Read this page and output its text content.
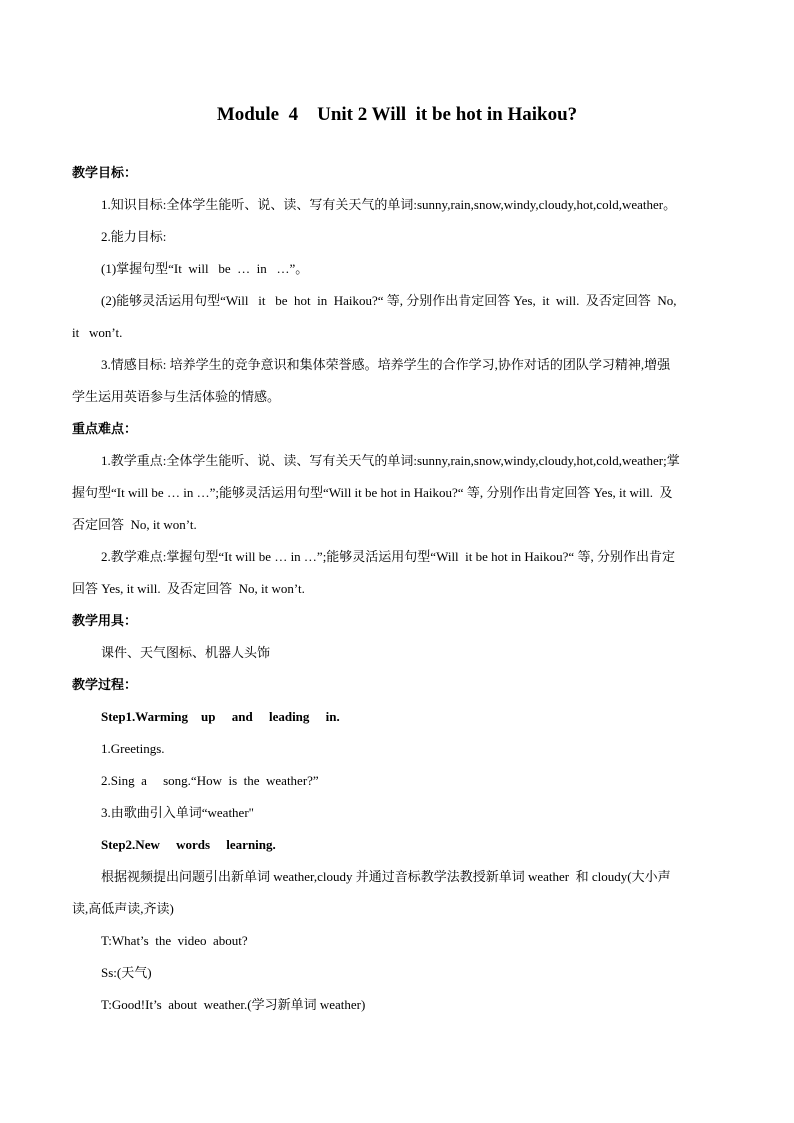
Module  4    Unit 2 Will  it be hot in Haikou?
教学目标：
1.知识目标:全体学生能听、说、读、写有关天气的单词:sunny,rain,snow,windy,cloudy,hot,cold,weather。
2.能力目标:
(1)掌握句型“It  will   be  …  in   …”。
(2)能够灵活运用句型“Will   it   be  hot  in  Haikou?“ 等, 分别作出肯定回答 Yes,  it  will.  及否定回答  No,
it   won’t.
3.情感目标: 培养学生的竞争意识和集体荣誉感。培养学生的合作学习,协作对话的团队学习精神,增强
学生运用英语参与生活体验的情感。
重点难点：
1.教学重点:全体学生能听、说、读、写有关天气的单词:sunny,rain,snow,windy,cloudy,hot,cold,weather;掌
握句型“It will be … in …”;能够灵活运用句型“Will it be hot in Haikou?“ 等, 分别作出肯定回答 Yes, it will.  及
否定回答  No, it won’t.
2.教学难点:掌握句型“It will be … in …”;能够灵活运用句型“Will  it be hot in Haikou?“ 等, 分别作出肯定
回答 Yes, it will.  及否定回答  No, it won’t.
教学用具：
课件、天气图标、机器人头饰
教学过程：
Step1.Warming    up     and     leading     in.
1.Greetings.
2.Sing  a     song.“How  is  the  weather?”
3.由歌曲引入单词“weather"
Step2.New     words     learning.
根据视频提出问题引出新单词 weather,cloudy 并通过音标教学法教授新单词 weather  和 cloudy(大小声
读,高低声读,齐读)
T:What’s  the  video  about?
Ss:(天气)
T:Good!It’s  about  weather.(学习新单词 weather)
